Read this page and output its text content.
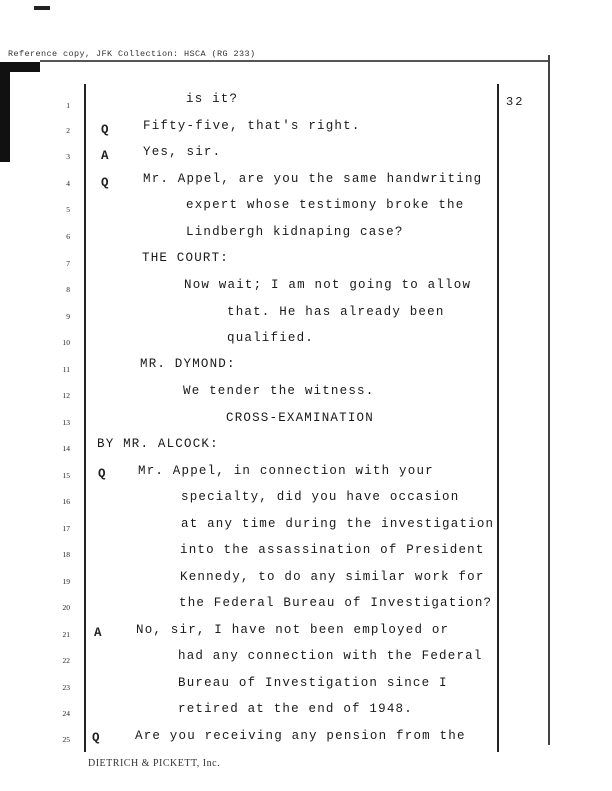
Reference copy, JFK Collection: HSCA (RG 233)
32
1	is it?
2 Q	Fifty-five, that's right.
3 A	Yes, sir.
4 Q	Mr. Appel, are you the same handwriting
5	expert whose testimony broke the
6	Lindbergh kidnaping case?
7	THE COURT:
8	Now wait; I am not going to allow
9	that. He has already been
10	qualified.
11	MR. DYMOND:
12	We tender the witness.
13	CROSS-EXAMINATION
14 BY MR. ALCOCK:
15 Q	Mr. Appel, in connection with your
16	specialty, did you have occasion
17	at any time during the investigation
18	into the assassination of President
19	Kennedy, to do any similar work for
20	the Federal Bureau of Investigation?
21 A	No, sir, I have not been employed or
22	had any connection with the Federal
23	Bureau of Investigation since I
24	retired at the end of 1948.
25 Q	Are you receiving any pension from the
DIETRICH & PICKETT, Inc.
